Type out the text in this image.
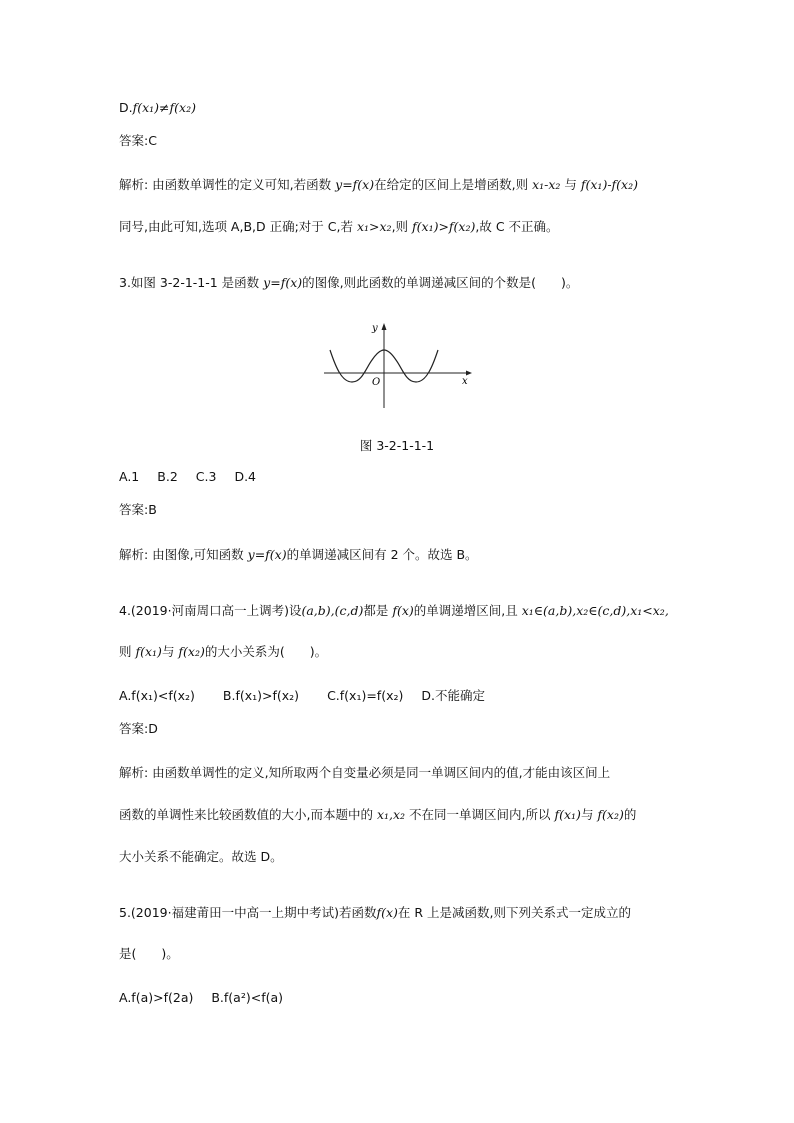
D.f(x₁)≠f(x₂)
答案:C
解析: 由函数单调性的定义可知,若函数 y=f(x)在给定的区间上是增函数,则 x₁-x₂ 与 f(x₁)-f(x₂)
同号,由此可知,选项 A,B,D 正确;对于 C,若 x₁>x₂,则 f(x₁)>f(x₂),故 C 不正确。
3.如图 3-2-1-1-1 是函数 y=f(x)的图像,则此函数的单调递减区间的个数是(　　)。
y
x
O
图 3-2-1-1-1
A.1 B.2 C.3 D.4
答案:B
解析: 由图像,可知函数 y=f(x)的单调递减区间有 2 个。故选 B。
4.(2019·河南周口高一上调考)设(a,b),(c,d)都是 f(x)的单调递增区间,且 x₁∈(a,b),x₂∈(c,d),x₁<x₂,
则 f(x₁)与 f(x₂)的大小关系为(　　)。
A.f(x₁)<f(x₂) B.f(x₁)>f(x₂) C.f(x₁)=f(x₂) D.不能确定
答案:D
解析: 由函数单调性的定义,知所取两个自变量必须是同一单调区间内的值,才能由该区间上
函数的单调性来比较函数值的大小,而本题中的 x₁,x₂ 不在同一单调区间内,所以 f(x₁)与 f(x₂)的
大小关系不能确定。故选 D。
5.(2019·福建莆田一中高一上期中考试)若函数f(x)在 R 上是减函数,则下列关系式一定成立的
是(　　)。
A.f(a)>f(2a) B.f(a²)<f(a)
